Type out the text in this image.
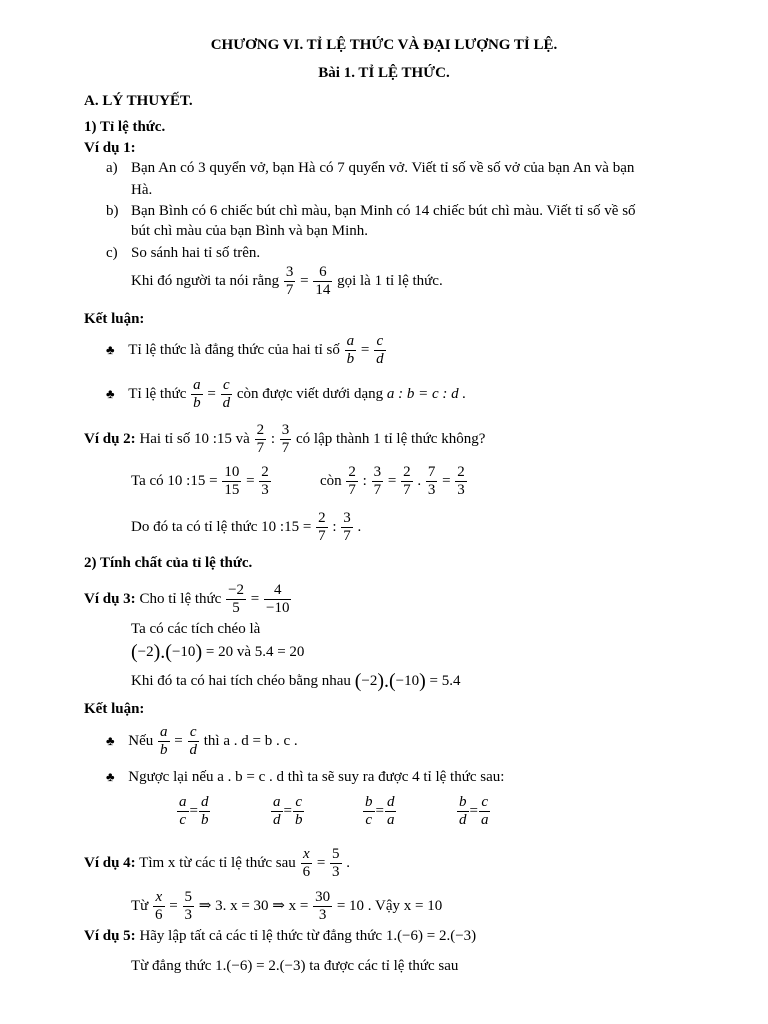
CHƯƠNG VI. TỈ LỆ THỨC VÀ ĐẠI LƯỢNG TỈ LỆ.
Bài 1. TỈ LỆ THỨC.
A. LÝ THUYẾT.
1) Tỉ lệ thức.
Ví dụ 1:
a) Bạn An có 3 quyển vở, bạn Hà có 7 quyển vở. Viết tỉ số về số vở của bạn An và bạn
Hà.
b) Bạn Bình có 6 chiếc bút chì màu, bạn Minh có 14 chiếc bút chì màu. Viết tỉ số về số
bút chì màu của bạn Bình và bạn Minh.
c) So sánh hai tỉ số trên.
Khi đó người ta nói rằng $\frac{3}{7} = \frac{6}{14}$ gọi là 1 tỉ lệ thức.
Kết luận:
♣ Tỉ lệ thức là đẳng thức của hai tỉ số $\frac{a}{b} = \frac{c}{d}$
♣ Tỉ lệ thức $\frac{a}{b} = \frac{c}{d}$ còn được viết dưới dạng a : b = c : d .
Ví dụ 2: Hai tỉ số 10 :15 và $\frac{2}{7}$ : $\frac{3}{7}$ có lập thành 1 tỉ lệ thức không?
Ta có 10 :15 = $\frac{10}{15} = \frac{2}{3}$	còn $\frac{2}{7}$ : $\frac{3}{7} = \frac{2}{7}$ . $\frac{7}{3} = \frac{2}{3}$
Do đó ta có tỉ lệ thức 10 :15 = $\frac{2}{7}$ : $\frac{3}{7}$ .
2) Tính chất của tỉ lệ thức.
Ví dụ 3: Cho tỉ lệ thức $\frac{-2}{5} = \frac{4}{-10}$
Ta có các tích chéo là
(−2).(−10) = 20 và 5.4 = 20
Khi đó ta có hai tích chéo bằng nhau (−2).(−10) = 5.4
Kết luận:
♣ Nếu $\frac{a}{b} = \frac{c}{d}$ thì a . d = b . c .
♣ Ngược lại nếu a . b = c . d thì ta sẽ suy ra được 4 tỉ lệ thức sau:
$\frac{a}{c} = \frac{d}{b}$	$\frac{a}{d} = \frac{c}{b}$	$\frac{b}{c} = \frac{d}{a}$	$\frac{b}{d} = \frac{c}{a}$
Ví dụ 4: Tìm x từ các tỉ lệ thức sau $\frac{x}{6} = \frac{5}{3}$ .
Từ $\frac{x}{6} = \frac{5}{3}$ ⇒ 3. x = 30 ⇒ $x = \frac{30}{3} = 10$ . Vậy x = 10
Ví dụ 5: Hãy lập tất cả các tỉ lệ thức từ đẳng thức 1.(−6) = 2.(−3)
Từ đẳng thức 1.(−6) = 2.(−3) ta được các tỉ lệ thức sau
